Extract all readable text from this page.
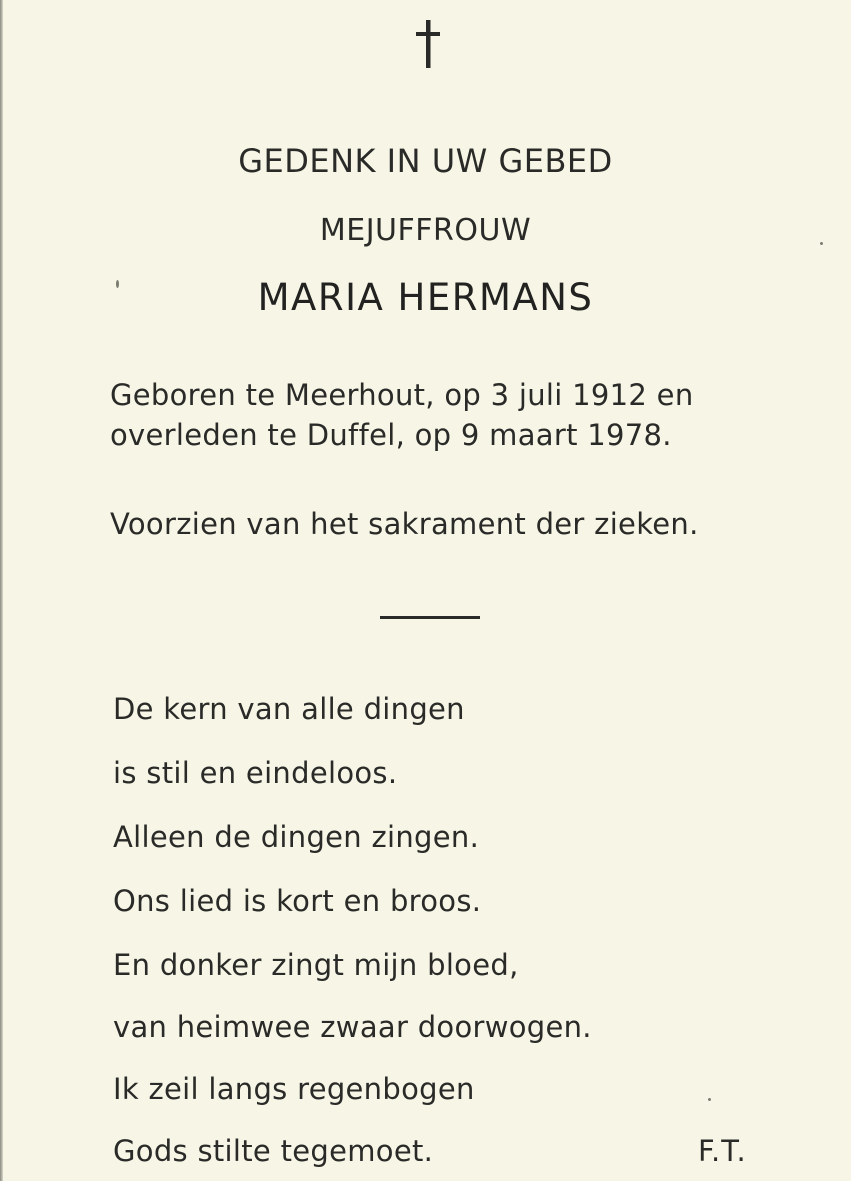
GEDENK IN UW GEBED
MEJUFFROUW
MARIA HERMANS
Geboren te Meerhout, op 3 juli 1912 en
overleden te Duffel, op 9 maart 1978.
Voorzien van het sakrament der zieken.
De kern van alle dingen
is stil en eindeloos.
Alleen de dingen zingen.
Ons lied is kort en broos.
En donker zingt mijn bloed,
van heimwee zwaar doorwogen.
Ik zeil langs regenbogen
Gods stilte tegemoet.	F.T.
